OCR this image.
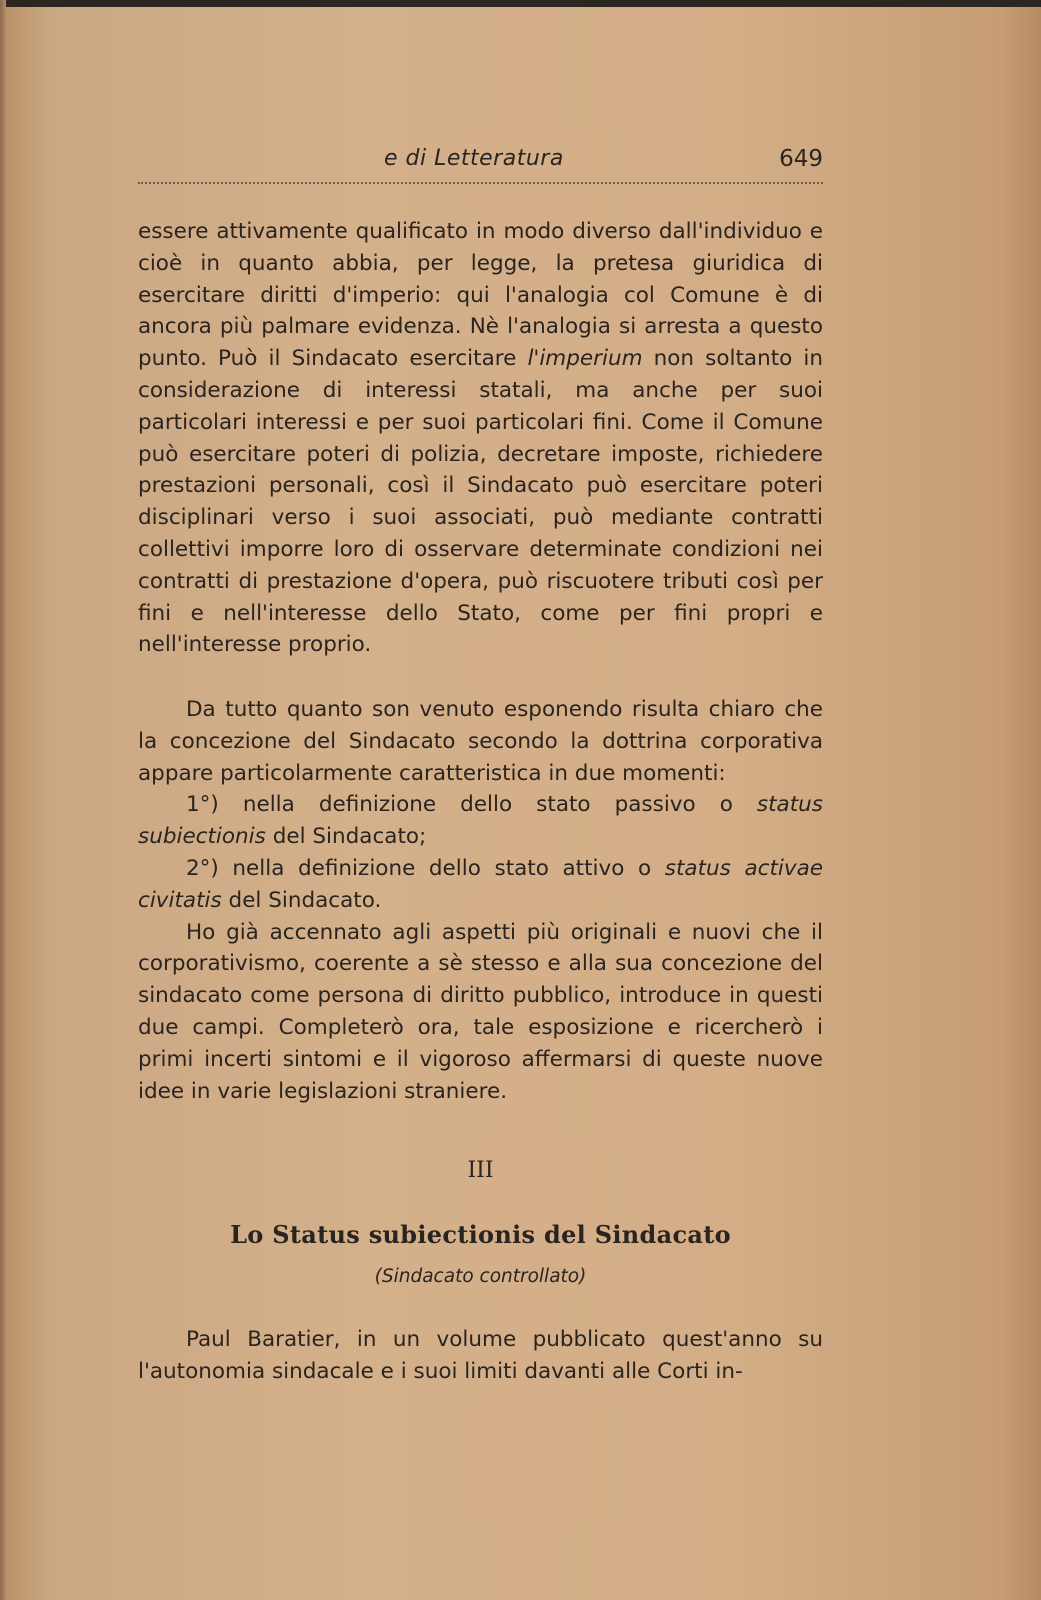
e di Letteratura	649

essere attivamente qualificato in modo diverso dall'individuo e cioè in quanto abbia, per legge, la pretesa giuridica di esercitare diritti d'imperio: qui l'analogia col Comune è di ancora più palmare evidenza. Nè l'analogia si arresta a questo punto. Può il Sindacato esercitare l'imperium non soltanto in considerazione di interessi statali, ma anche per suoi particolari interessi e per suoi particolari fini. Come il Comune può esercitare poteri di polizia, decretare imposte, richiedere prestazioni personali, così il Sindacato può esercitare poteri disciplinari verso i suoi associati, può mediante contratti collettivi imporre loro di osservare determinate condizioni nei contratti di prestazione d'opera, può riscuotere tributi così per fini e nell'interesse dello Stato, come per fini propri e nell'interesse proprio.

Da tutto quanto son venuto esponendo risulta chiaro che la concezione del Sindacato secondo la dottrina corporativa appare particolarmente caratteristica in due momenti:

1°) nella definizione dello stato passivo o status subiectionis del Sindacato;

2°) nella definizione dello stato attivo o status activae civitatis del Sindacato.

Ho già accennato agli aspetti più originali e nuovi che il corporativismo, coerente a sè stesso e alla sua concezione del sindacato come persona di diritto pubblico, introduce in questi due campi. Completerò ora, tale esposizione e ricercherò i primi incerti sintomi e il vigoroso affermarsi di queste nuove idee in varie legislazioni straniere.

III
Lo Status subiectionis del Sindacato
(Sindacato controllato)

Paul Baratier, in un volume pubblicato quest'anno su l'autonomia sindacale e i suoi limiti davanti alle Corti in-
